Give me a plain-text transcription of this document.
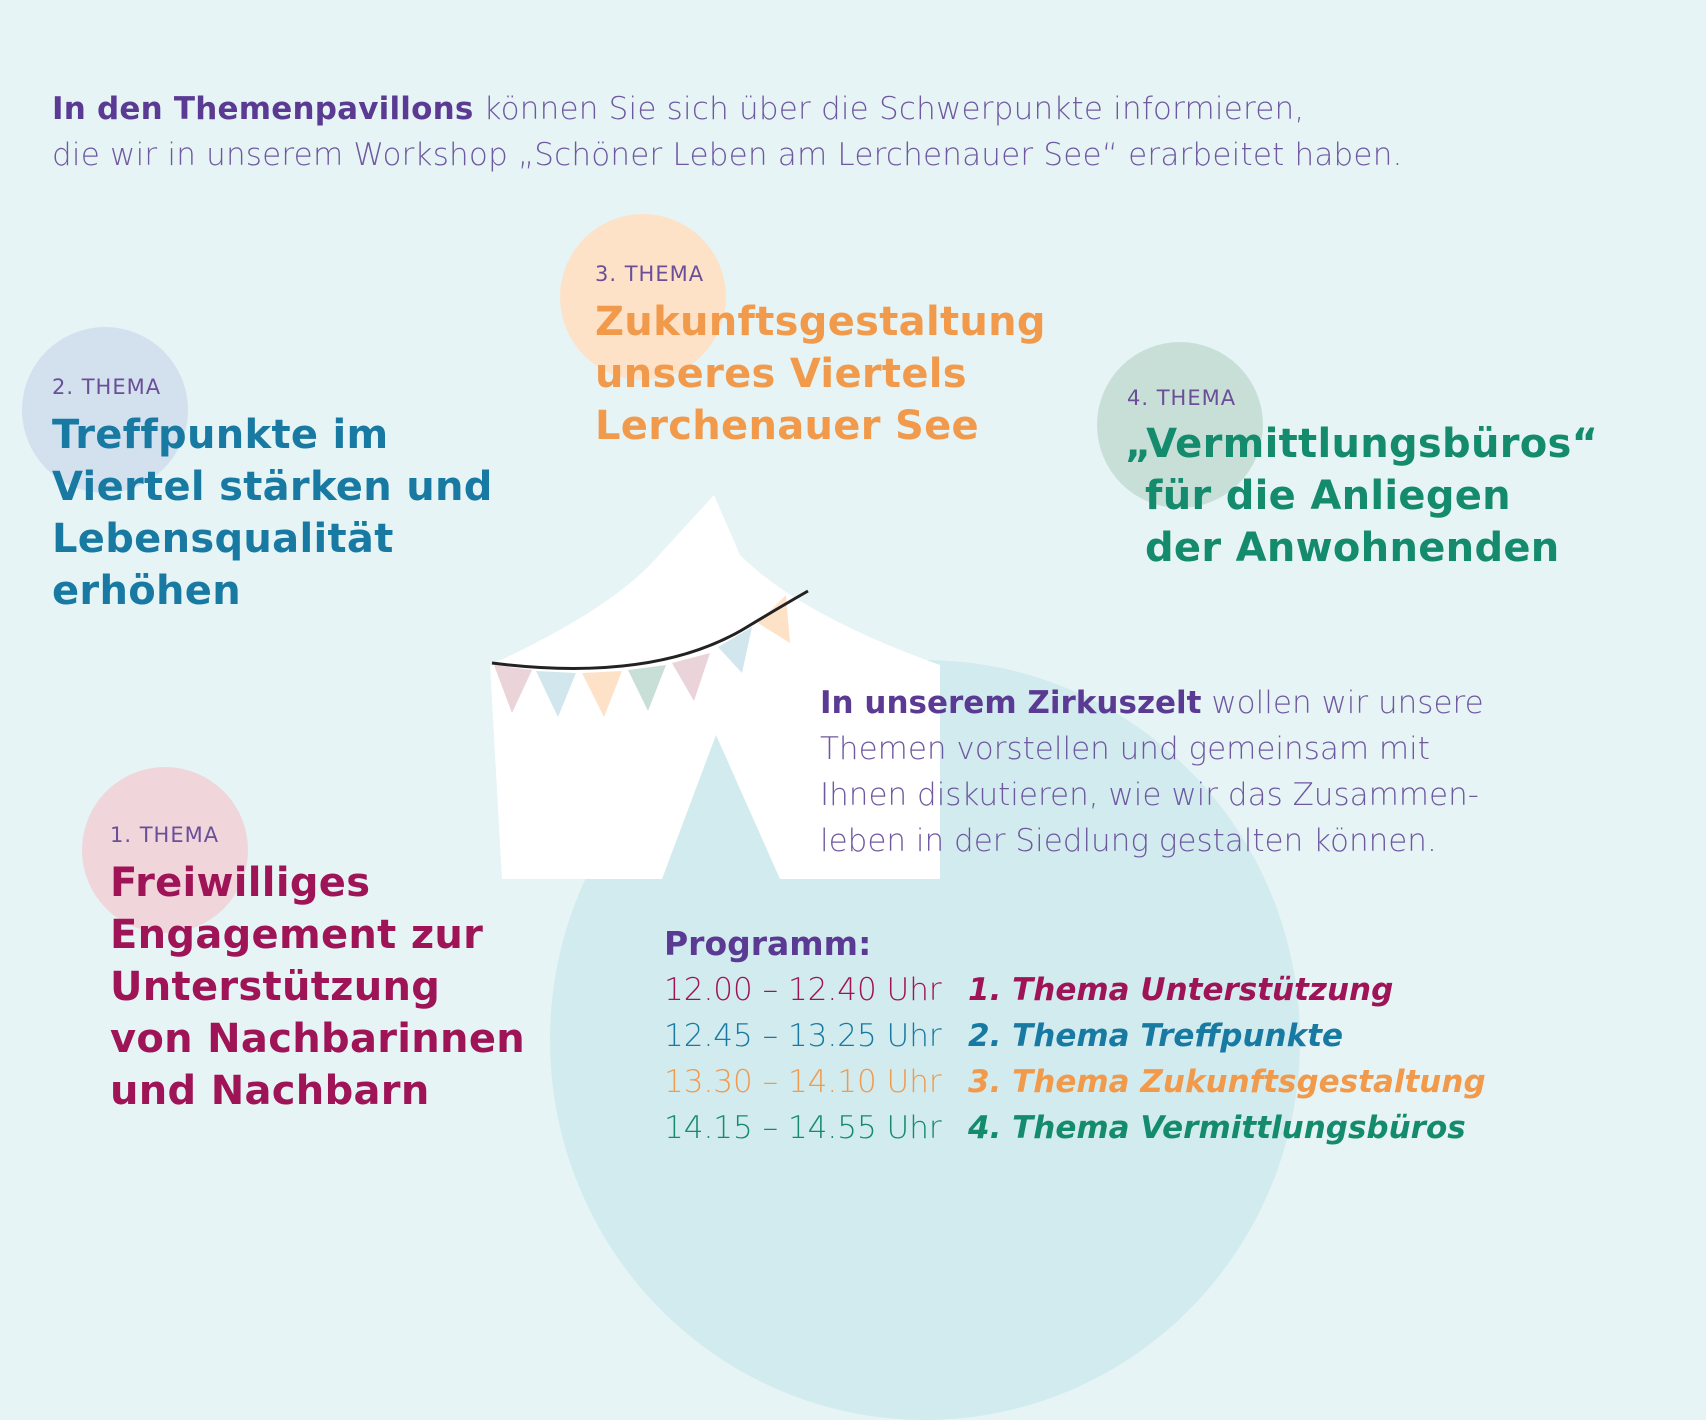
In den Themenpavillons können Sie sich über die Schwerpunkte informieren,
die wir in unserem Workshop „Schöner Leben am Lerchenauer See“ erarbeitet haben.
2. THEMA
Treffpunkte im
Viertel stärken und
Lebensqualität
erhöhen
3. THEMA
Zukunftsgestaltung
unseres Viertels
Lerchenauer See
4. THEMA
„Vermittlungsbüros“
für die Anliegen
der Anwohnenden
1. THEMA
Freiwilliges
Engagement zur
Unterstützung
von Nachbarinnen
und Nachbarn
In unserem Zirkuszelt wollen wir unsere
Themen vorstellen und gemeinsam mit
Ihnen diskutieren, wie wir das Zusammen-
leben in der Siedlung gestalten können.
Programm:
12.00 – 12.40 Uhr 1. Thema Unterstützung
12.45 – 13.25 Uhr 2. Thema Treffpunkte
13.30 – 14.10 Uhr 3. Thema Zukunftsgestaltung
14.15 – 14.55 Uhr 4. Thema Vermittlungsbüros
